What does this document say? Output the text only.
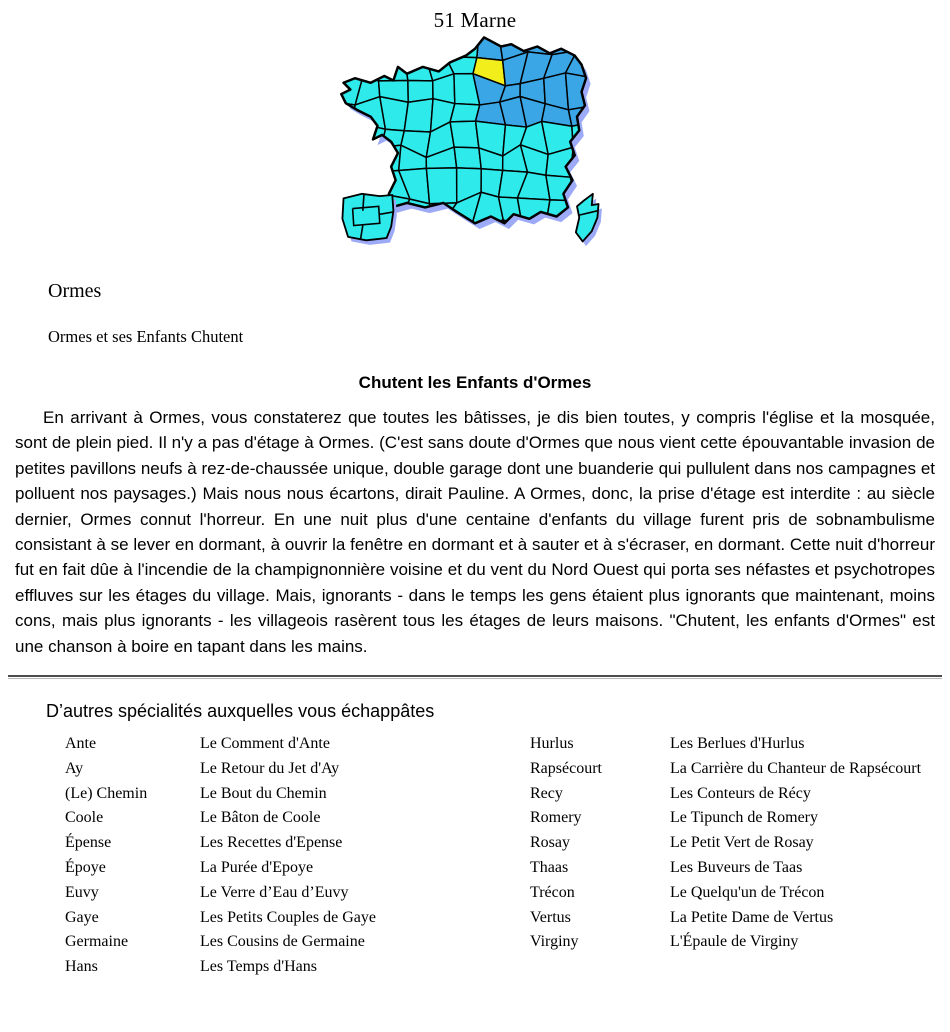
51 Marne
Ormes
Ormes et ses Enfants Chutent
Chutent les Enfants d'Ormes

En arrivant à Ormes, vous constaterez que toutes les bâtisses, je dis bien toutes, y compris l'église et la mosquée, sont de plein pied. Il n'y a pas d'étage à Ormes. (C'est sans doute d'Ormes que nous vient cette épouvantable invasion de petites pavillons neufs à rez-de-chaussée unique, double garage dont une buanderie qui pullulent dans nos campagnes et polluent nos paysages.) Mais nous nous écartons, dirait Pauline. A Ormes, donc, la prise d'étage est interdite : au siècle dernier, Ormes connut l'horreur. En une nuit plus d'une centaine d'enfants du village furent pris de sobnambulisme consistant à se lever en dormant, à ouvrir la fenêtre en dormant et à sauter et à s'écraser, en dormant. Cette nuit d'horreur fut en fait dûe à l'incendie de la champignonnière voisine et du vent du Nord Ouest qui porta ses néfastes et psychotropes effluves sur les étages du village. Mais, ignorants - dans le temps les gens étaient plus ignorants que maintenant, moins cons, mais plus ignorants - les villageois rasèrent tous les étages de leurs maisons. "Chutent, les enfants d'Ormes" est une chanson à boire en tapant dans les mains.

D’autres spécialités auxquelles vous échappâtes
Ante	Le Comment d'Ante
Ay	Le Retour du Jet d'Ay
(Le) Chemin	Le Bout du Chemin
Coole	Le Bâton de Coole
Épense	Les Recettes d'Epense
Époye	La Purée d'Epoye
Euvy	Le Verre d’Eau d’Euvy
Gaye	Les Petits Couples de Gaye
Germaine	Les Cousins de Germaine
Hans	Les Temps d'Hans
Hurlus	Les Berlues d'Hurlus
Rapsécourt	La Carrière du Chanteur de Rapsécourt
Recy	Les Conteurs de Récy
Romery	Le Tipunch de Romery
Rosay	Le Petit Vert de Rosay
Thaas	Les Buveurs de Taas
Trécon	Le Quelqu'un de Trécon
Vertus	La Petite Dame de Vertus
Virginy	L'Épaule de Virginy
